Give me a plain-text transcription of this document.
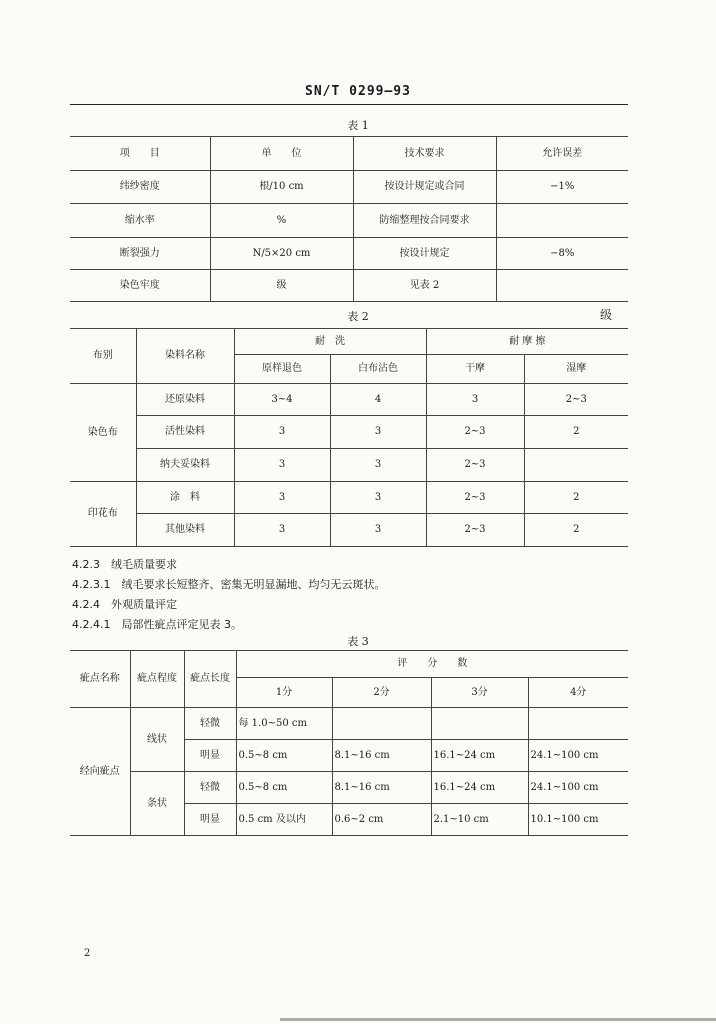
SN/T 0299—93
表 1
项　　目	单　　位	技术要求	允许误差
纬纱密度	根/10 cm	按设计规定或合同	−1%
缩水率	%	防缩整理按合同要求	
断裂强力	N/5×20 cm	按设计规定	−8%
染色牢度	级	见表 2	
表 2	级
布别	染料名称	耐　洗		耐 摩 擦	
		原样退色	白布沾色	干摩	湿摩
染色布	还原染料	3~4	4	3	2~3
	活性染料	3	3	2~3	2
	纳夫妥染料	3	3	2~3	
印花布	涂　料	3	3	2~3	2
	其他染料	3	3	2~3	2
4.2.3　绒毛质量要求
4.2.3.1　绒毛要求长短整齐、密集无明显漏地、均匀无云斑状。
4.2.4　外观质量评定
4.2.4.1　局部性疵点评定见表 3。
表 3
疵点名称	疵点程度	疵点长度	评　　分　　数			
			1分	2分	3分	4分
经向疵点	线状	轻微	每 1.0~50 cm			
		明显	0.5~8 cm	8.1~16 cm	16.1~24 cm	24.1~100 cm
	条状	轻微	0.5~8 cm	8.1~16 cm	16.1~24 cm	24.1~100 cm
		明显	0.5 cm 及以内	0.6~2 cm	2.1~10 cm	10.1~100 cm
2
